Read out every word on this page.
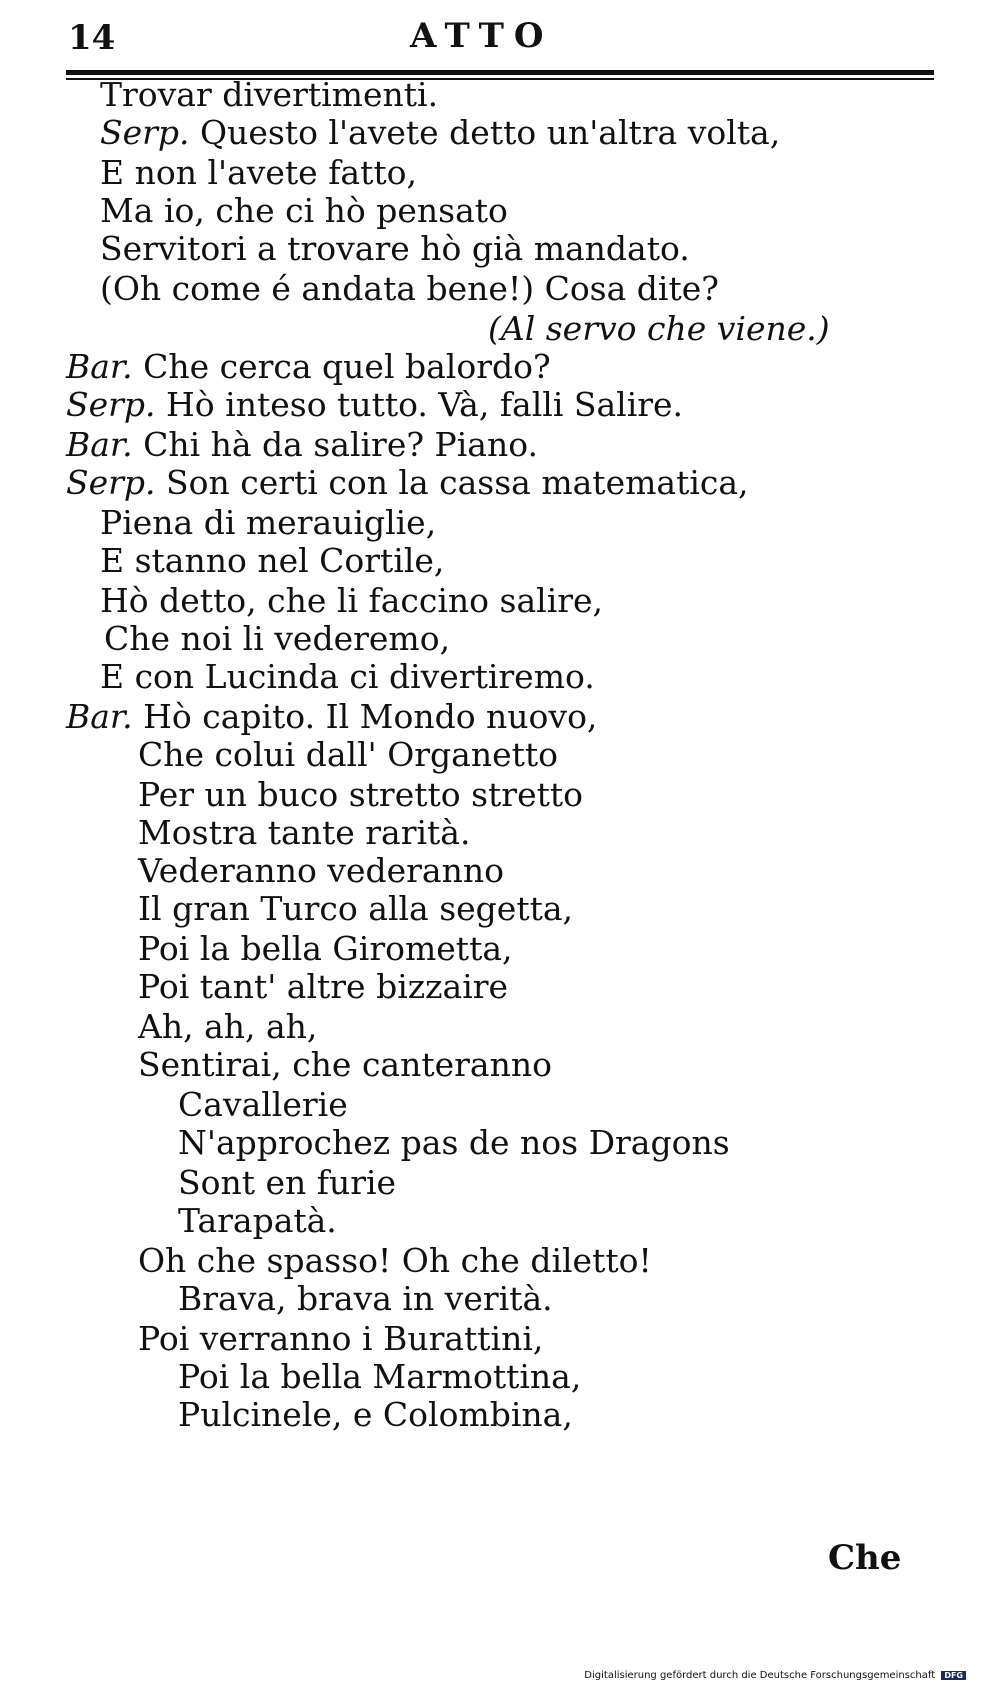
14	ATTO
Trovar divertimenti.
Serp. Questo l'avete detto un'altra volta,
E non l'avete fatto,
Ma io, che ci hò pensato
Servitori a trovare hò già mandato.
(Oh come é andata bene!) Cosa dite?
(Al servo che viene.)
Bar. Che cerca quel balordo?
Serp. Hò inteso tutto. Và, falli Salire.
Bar. Chi hà da salire? Piano.
Serp. Son certi con la cassa matematica,
Piena di merauiglie,
E stanno nel Cortile,
Hò detto, che li faccino salire,
Che noi li vederemo,
E con Lucinda ci divertiremo.
Bar. Hò capito. Il Mondo nuovo,
Che colui dall' Organetto
Per un buco stretto stretto
Mostra tante rarità.
Vederanno vederanno
Il gran Turco alla segetta,
Poi la bella Girometta,
Poi tant' altre bizzaire
Ah, ah, ah,
Sentirai, che canteranno
Cavallerie
N'approchez pas de nos Dragons
Sont en furie
Tarapatà.
Oh che spasso! Oh che diletto!
Brava, brava in verità.
Poi verranno i Burattini,
Poi la bella Marmottina,
Pulcinele, e Colombina,
Che
Digitalisierung gefördert durch die Deutsche Forschungsgemeinschaft DFG
